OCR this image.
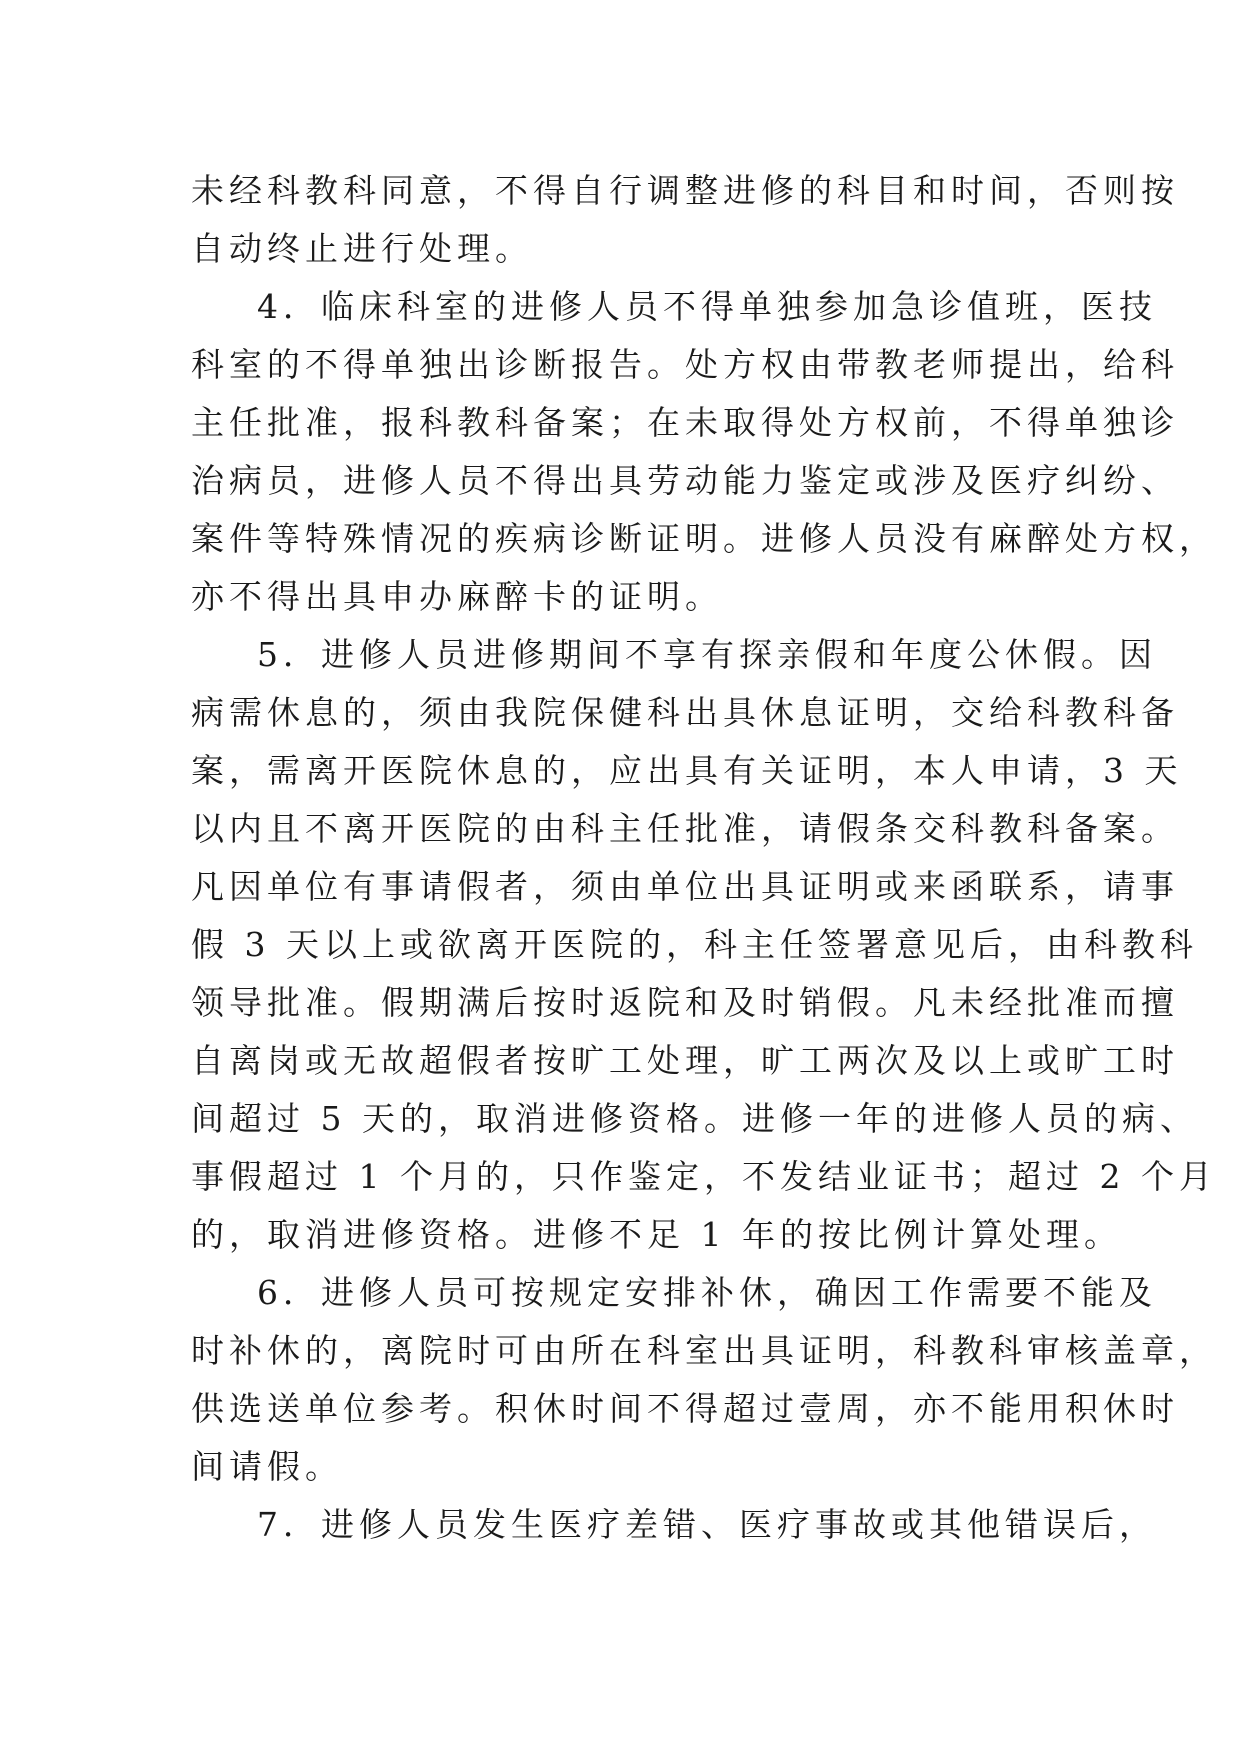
未经科教科同意，不得自行调整进修的科目和时间，否则按
自动终止进行处理。
4．临床科室的进修人员不得单独参加急诊值班，医技
科室的不得单独出诊断报告。处方权由带教老师提出，给科
主任批准，报科教科备案；在未取得处方权前，不得单独诊
治病员，进修人员不得出具劳动能力鉴定或涉及医疗纠纷、
案件等特殊情况的疾病诊断证明。进修人员没有麻醉处方权，
亦不得出具申办麻醉卡的证明。
5．进修人员进修期间不享有探亲假和年度公休假。因
病需休息的，须由我院保健科出具休息证明，交给科教科备
案，需离开医院休息的，应出具有关证明，本人申请，3 天
以内且不离开医院的由科主任批准，请假条交科教科备案。
凡因单位有事请假者，须由单位出具证明或来函联系，请事
假 3 天以上或欲离开医院的，科主任签署意见后，由科教科
领导批准。假期满后按时返院和及时销假。凡未经批准而擅
自离岗或无故超假者按旷工处理，旷工两次及以上或旷工时
间超过 5 天的，取消进修资格。进修一年的进修人员的病、
事假超过 1 个月的，只作鉴定，不发结业证书；超过 2 个月
的，取消进修资格。进修不足 1 年的按比例计算处理。
6．进修人员可按规定安排补休，确因工作需要不能及
时补休的，离院时可由所在科室出具证明，科教科审核盖章，
供选送单位参考。积休时间不得超过壹周，亦不能用积休时
间请假。
7．进修人员发生医疗差错、医疗事故或其他错误后，
